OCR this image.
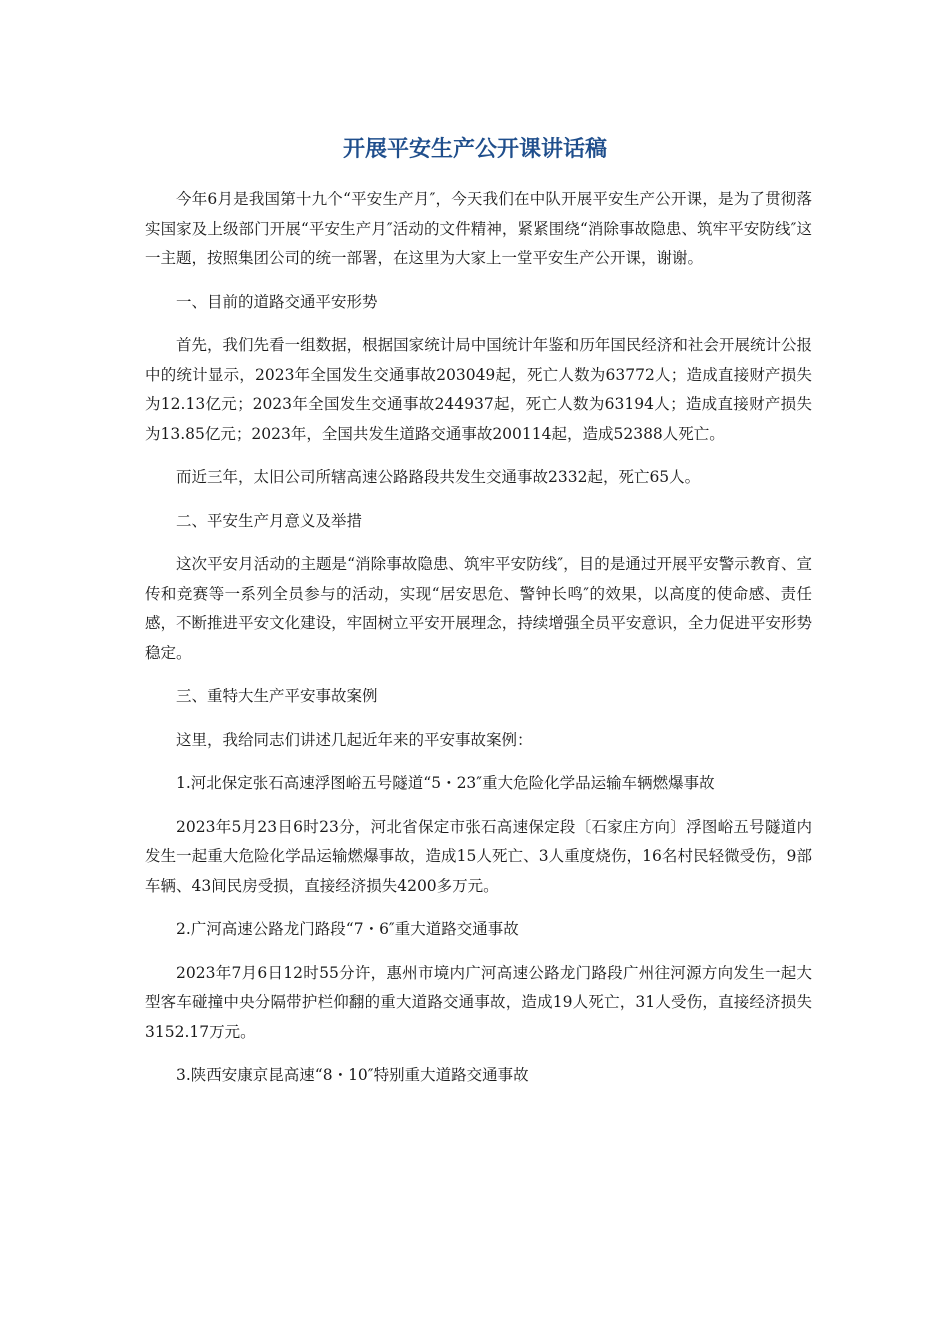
开展平安生产公开课讲话稿

今年6月是我国第十九个“平安生产月″，今天我们在中队开展平安生产公开课，是为了贯彻落实国家及上级部门开展“平安生产月″活动的文件精神，紧紧围绕“消除事故隐患、筑牢平安防线″这一主题，按照集团公司的统一部署，在这里为大家上一堂平安生产公开课，谢谢。

一、目前的道路交通平安形势

首先，我们先看一组数据，根据国家统计局中国统计年鉴和历年国民经济和社会开展统计公报中的统计显示，2023年全国发生交通事故203049起，死亡人数为63772人；造成直接财产损失为12.13亿元；2023年全国发生交通事故244937起，死亡人数为63194人；造成直接财产损失为13.85亿元；2023年，全国共发生道路交通事故200114起，造成52388人死亡。

而近三年，太旧公司所辖高速公路路段共发生交通事故2332起，死亡65人。

二、平安生产月意义及举措

这次平安月活动的主题是“消除事故隐患、筑牢平安防线″，目的是通过开展平安警示教育、宣传和竞赛等一系列全员参与的活动，实现“居安思危、警钟长鸣″的效果，以高度的使命感、责任感，不断推进平安文化建设，牢固树立平安开展理念，持续增强全员平安意识，全力促进平安形势稳定。

三、重特大生产平安事故案例

这里，我给同志们讲述几起近年来的平安事故案例：

1.河北保定张石高速浮图峪五号隧道“5・23″重大危险化学品运输车辆燃爆事故

2023年5月23日6时23分，河北省保定市张石高速保定段〔石家庄方向〕浮图峪五号隧道内发生一起重大危险化学品运输燃爆事故，造成15人死亡、3人重度烧伤，16名村民轻微受伤，9部车辆、43间民房受损，直接经济损失4200多万元。

2.广河高速公路龙门路段“7・6″重大道路交通事故

2023年7月6日12时55分许，惠州市境内广河高速公路龙门路段广州往河源方向发生一起大型客车碰撞中央分隔带护栏仰翻的重大道路交通事故，造成19人死亡，31人受伤，直接经济损失3152.17万元。

3.陕西安康京昆高速“8・10″特别重大道路交通事故
